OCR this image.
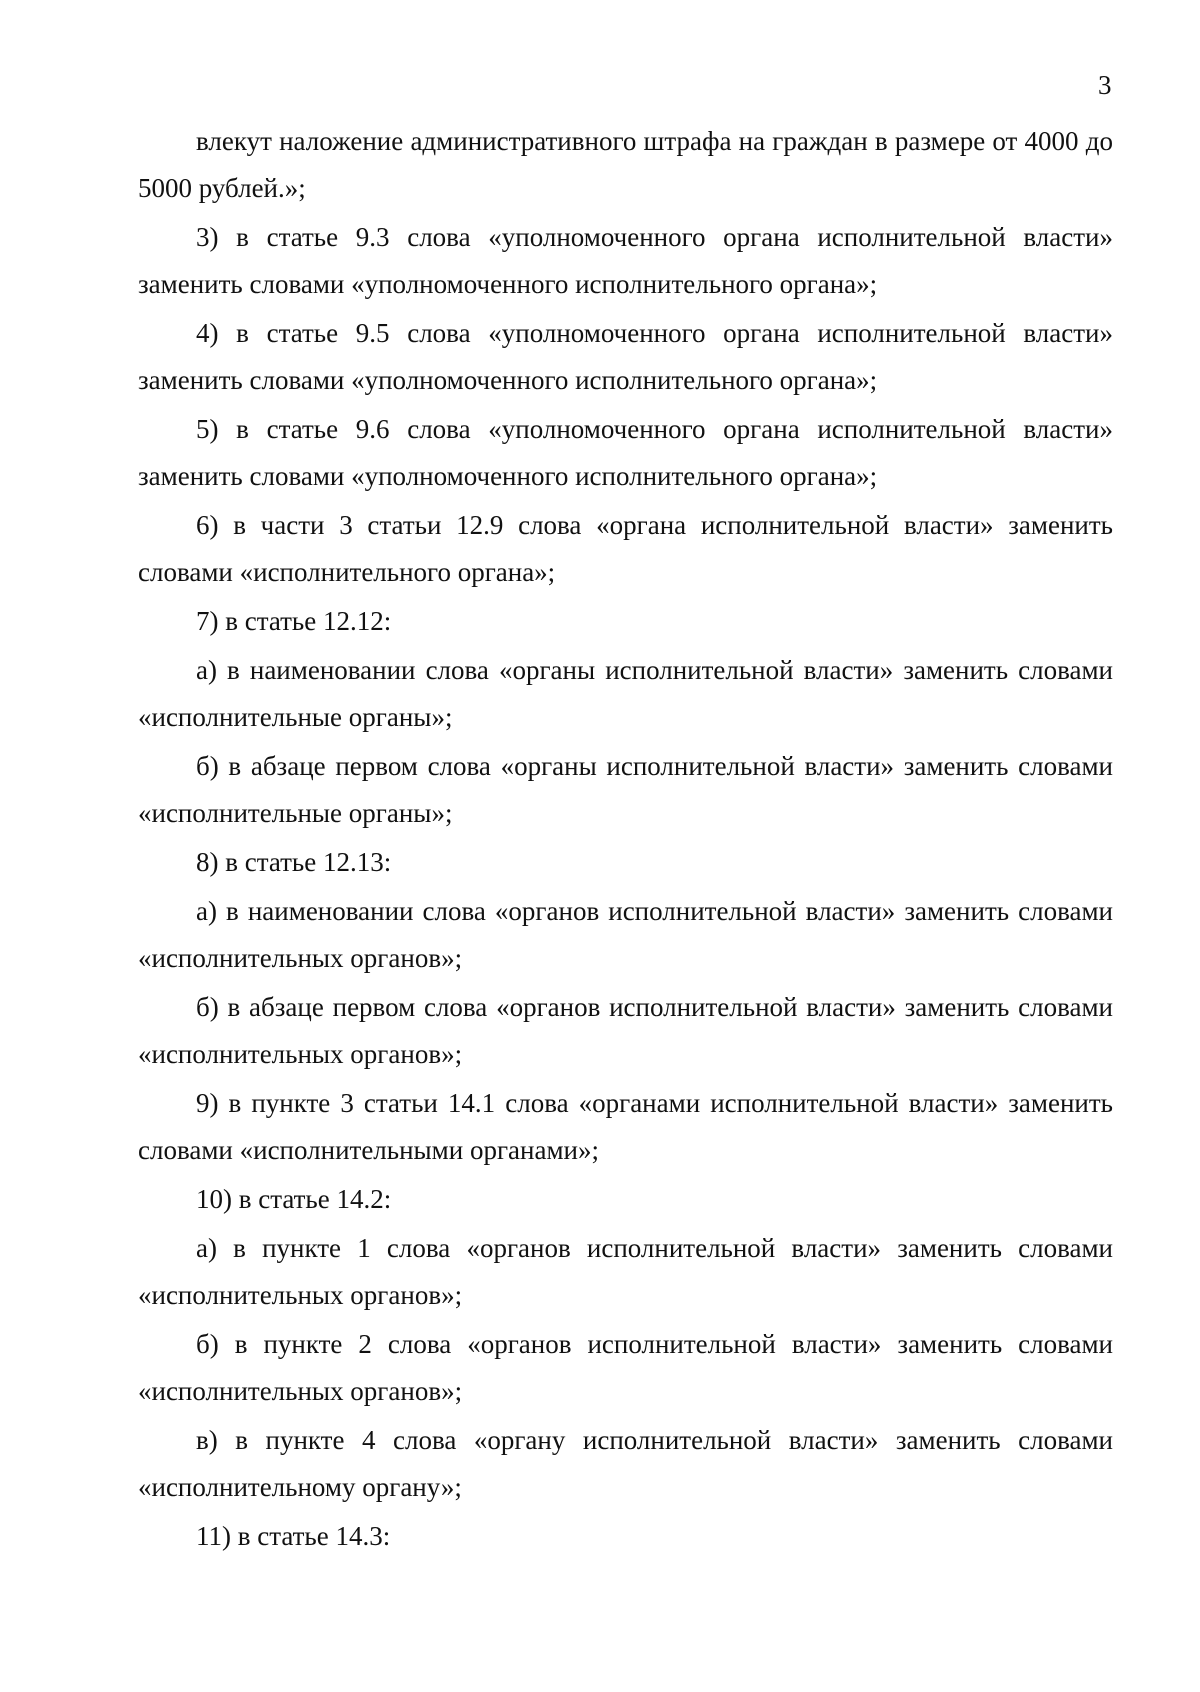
3

влекут наложение административного штрафа на граждан в размере от 4000 до 5000 рублей.»;

3) в статье 9.3 слова «уполномоченного органа исполнительной власти» заменить словами «уполномоченного исполнительного органа»;

4) в статье 9.5 слова «уполномоченного органа исполнительной власти» заменить словами «уполномоченного исполнительного органа»;

5) в статье 9.6 слова «уполномоченного органа исполнительной власти» заменить словами «уполномоченного исполнительного органа»;

6) в части 3 статьи 12.9 слова «органа исполнительной власти» заменить словами «исполнительного органа»;

7) в статье 12.12:

а) в наименовании слова «органы исполнительной власти» заменить словами «исполнительные органы»;

б) в абзаце первом слова «органы исполнительной власти» заменить словами «исполнительные органы»;

8) в статье 12.13:

а) в наименовании слова «органов исполнительной власти» заменить словами «исполнительных органов»;

б) в абзаце первом слова «органов исполнительной власти» заменить словами «исполнительных органов»;

9) в пункте 3 статьи 14.1 слова «органами исполнительной власти» заменить словами «исполнительными органами»;

10) в статье 14.2:

а) в пункте 1 слова «органов исполнительной власти» заменить словами «исполнительных органов»;

б) в пункте 2 слова «органов исполнительной власти» заменить словами «исполнительных органов»;

в) в пункте 4 слова «органу исполнительной власти» заменить словами «исполнительному органу»;

11) в статье 14.3:
